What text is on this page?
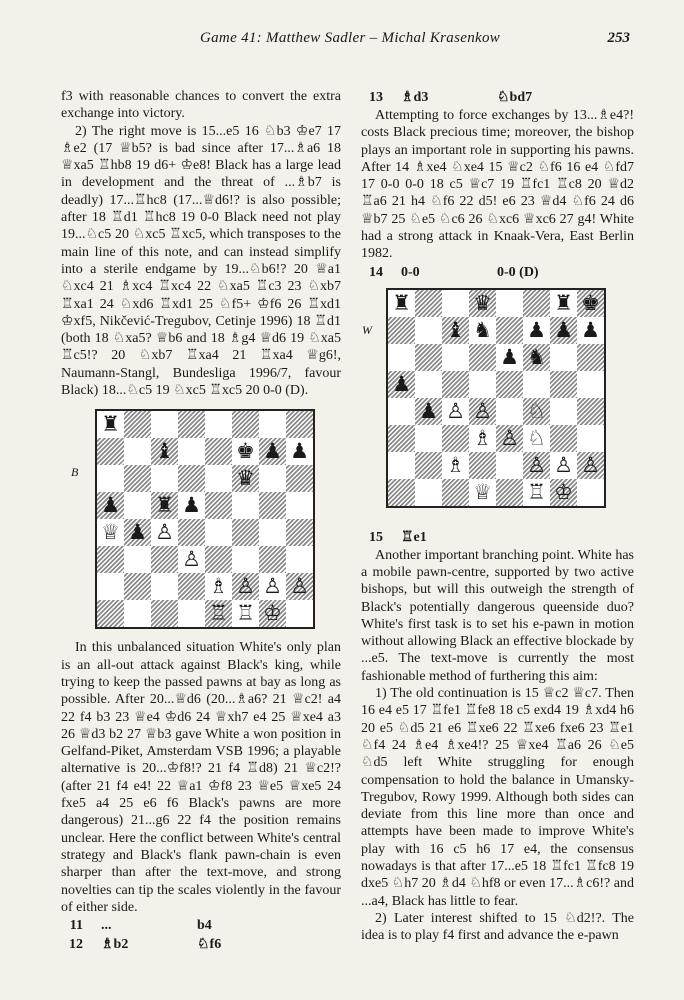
Game 41: Matthew Sadler – Michal Krasenkow	253

f3 with reasonable chances to convert the extra exchange into victory.

2) The right move is 15...e5 16 ♘b3 ♔e7 17 ♗e2 (17 ♕b5? is bad since after 17...♗a6 18 ♕xa5 ♖hb8 19 d6+ ♔e8! Black has a large lead in development and the threat of ...♗b7 is deadly) 17...♖hc8 (17...♕d6!? is also possible; after 18 ♖d1 ♖hc8 19 0-0 Black need not play 19...♘c5 20 ♘xc5 ♖xc5, which transposes to the main line of this note, and can instead simplify into a sterile endgame by 19...♘b6!? 20 ♕a1 ♘xc4 21 ♗xc4 ♖xc4 22 ♘xa5 ♖c3 23 ♘xb7 ♖xa1 24 ♘xd6 ♖xd1 25 ♘f5+ ♔f6 26 ♖xd1 ♔xf5, Nikčević-Tregubov, Cetinje 1996) 18 ♖d1 (both 18 ♘xa5? ♕b6 and 18 ♗g4 ♕d6 19 ♘xa5 ♖c5!? 20 ♘xb7 ♖xa4 21 ♖xa4 ♕g6!, Naumann-Stangl, Bundesliga 1996/7, favour Black) 18...♘c5 19 ♘xc5 ♖xc5 20 0-0 (D).

B
♜
♝	♚ ♟ ♟
♛
♟ ♜ ♟
♕ ♟ ♙
♙
♗ ♙ ♙ ♙
♖ ♖ ♔

In this unbalanced situation White's only plan is an all-out attack against Black's king, while trying to keep the passed pawns at bay as long as possible. After 20...♕d6 (20...♗a6? 21 ♕c2! a4 22 f4 b3 23 ♕e4 ♔d6 24 ♕xh7 e4 25 ♕xe4 a3 26 ♕d3 b2 27 ♕b3 gave White a won position in Gelfand-Piket, Amsterdam VSB 1996; a playable alternative is 20...♔f8!? 21 f4 ♖d8) 21 ♕c2!? (after 21 f4 e4! 22 ♕a1 ♔f8 23 ♕e5 ♕xe5 24 fxe5 a4 25 e6 f6 Black's pawns are more dangerous) 21...g6 22 f4 the position remains unclear. Here the conflict between White's central strategy and Black's flank pawn-chain is even sharper than after the text-move, and strong novelties can tip the scales violently in the favour of either side.

11	...	b4
12	♗b2	♘f6
13	♗d3	♘bd7

Attempting to force exchanges by 13...♗e4?! costs Black precious time; moreover, the bishop plays an important role in supporting his pawns. After 14 ♗xe4 ♘xe4 15 ♕c2 ♘f6 16 e4 ♘fd7 17 0-0 0-0 18 c5 ♕c7 19 ♖fc1 ♖c8 20 ♕d2 ♖a6 21 h4 ♘f6 22 d5! e6 23 ♕d4 ♘f6 24 d6 ♕b7 25 ♘e5 ♘c6 26 ♘xc6 ♕xc6 27 g4! White had a strong attack in Knaak-Vera, East Berlin 1982.

14	0-0	0-0 (D)
W
♜	♛	♜ ♚
♝ ♞ ♟ ♟ ♟
♟ ♞
♟
♟ ♙ ♙ ♘
♗ ♙ ♘
♗	♙ ♙ ♙
♕ ♖ ♔
15	♖e1

Another important branching point. White has a mobile pawn-centre, supported by two active bishops, but will this outweigh the strength of Black's potentially dangerous queenside duo? White's first task is to set his e-pawn in motion without allowing Black an effective blockade by ...e5. The text-move is currently the most fashionable method of furthering this aim:

1) The old continuation is 15 ♕c2 ♕c7. Then 16 e4 e5 17 ♖fe1 ♖fe8 18 c5 exd4 19 ♗xd4 h6 20 e5 ♘d5 21 e6 ♖xe6 22 ♖xe6 fxe6 23 ♖e1 ♘f4 24 ♗e4 ♗xe4!? 25 ♕xe4 ♖a6 26 ♘e5 ♘d5 left White struggling for enough compensation to hold the balance in Umansky-Tregubov, Rowy 1999. Although both sides can deviate from this line more than once and attempts have been made to improve White's play with 16 c5 h6 17 e4, the consensus nowadays is that after 17...e5 18 ♖fc1 ♖fc8 19 dxe5 ♘h7 20 ♗d4 ♘hf8 or even 17...♗c6!? and ...a4, Black has little to fear.

2) Later interest shifted to 15 ♘d2!?. The idea is to play f4 first and advance the e-pawn
